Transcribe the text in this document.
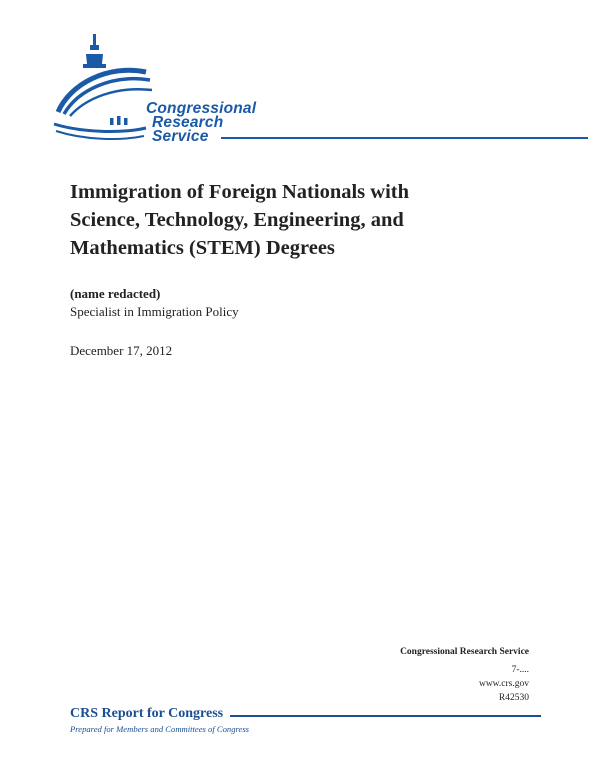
Congressional
Research
Service
Immigration of Foreign Nationals with
Science, Technology, Engineering, and
Mathematics (STEM) Degrees
(name redacted)
Specialist in Immigration Policy
December 17, 2012
Congressional Research Service
7-....
www.crs.gov
R42530
CRS Report for Congress
Prepared for Members and Committees of Congress
